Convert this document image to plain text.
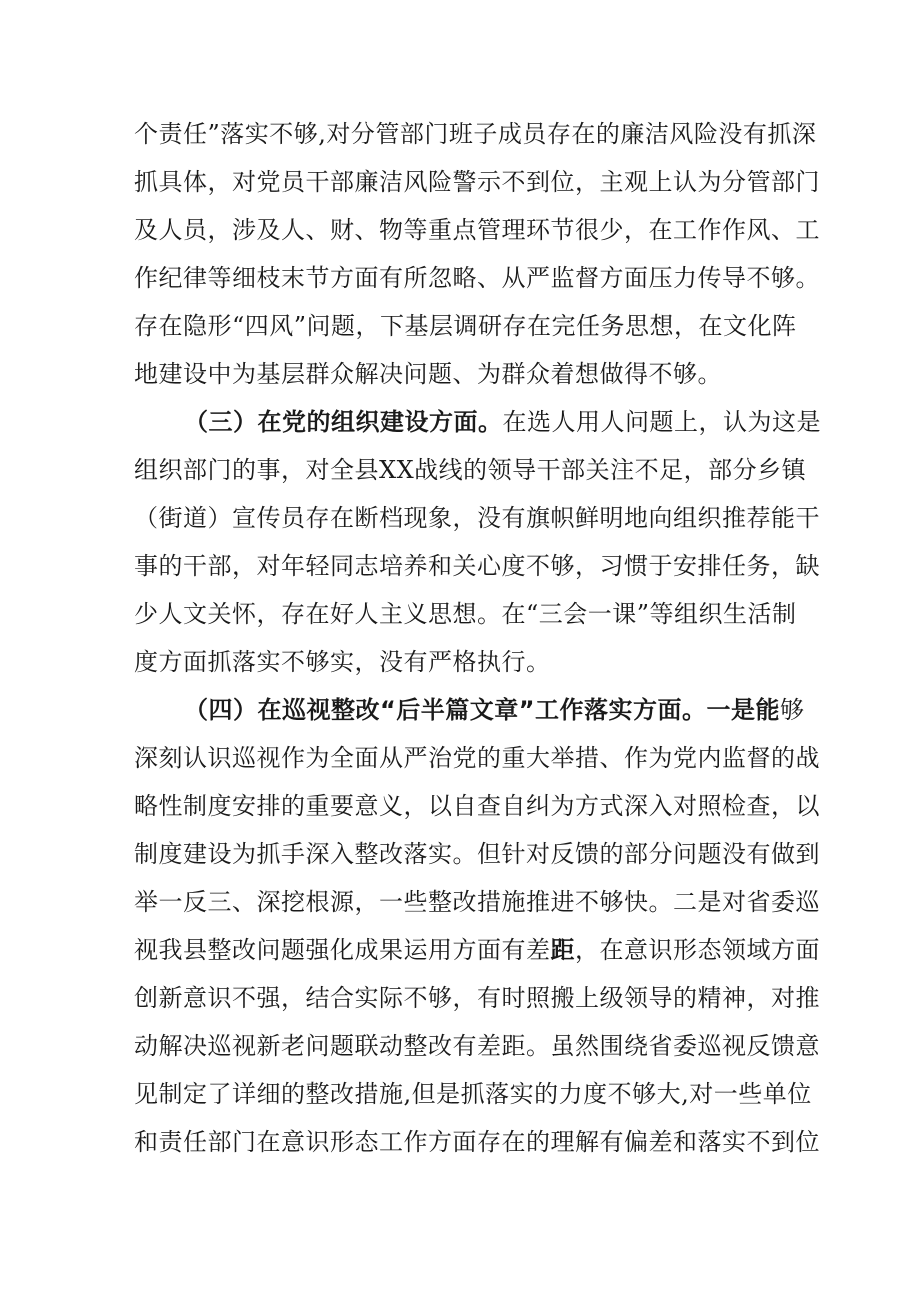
个责任”落实不够,对分管部门班子成员存在的廉洁风险没有抓深
抓具体，对党员干部廉洁风险警示不到位，主观上认为分管部门
及人员，涉及人、财、物等重点管理环节很少，在工作作风、工
作纪律等细枝末节方面有所忽略、从严监督方面压力传导不够。
存在隐形“四风”问题，下基层调研存在完任务思想，在文化阵
地建设中为基层群众解决问题、为群众着想做得不够。
（三）在党的组织建设方面。在选人用人问题上，认为这是
组织部门的事，对全县XX战线的领导干部关注不足，部分乡镇
（街道）宣传员存在断档现象，没有旗帜鲜明地向组织推荐能干
事的干部，对年轻同志培养和关心度不够，习惯于安排任务，缺
少人文关怀，存在好人主义思想。在“三会一课”等组织生活制
度方面抓落实不够实，没有严格执行。
（四）在巡视整改“后半篇文章”工作落实方面。一是能够
深刻认识巡视作为全面从严治党的重大举措、作为党内监督的战
略性制度安排的重要意义，以自查自纠为方式深入对照检查，以
制度建设为抓手深入整改落实。但针对反馈的部分问题没有做到
举一反三、深挖根源，一些整改措施推进不够快。二是对省委巡
视我县整改问题强化成果运用方面有差距，在意识形态领域方面
创新意识不强，结合实际不够，有时照搬上级领导的精神，对推
动解决巡视新老问题联动整改有差距。虽然围绕省委巡视反馈意
见制定了详细的整改措施,但是抓落实的力度不够大,对一些单位
和责任部门在意识形态工作方面存在的理解有偏差和落实不到位
